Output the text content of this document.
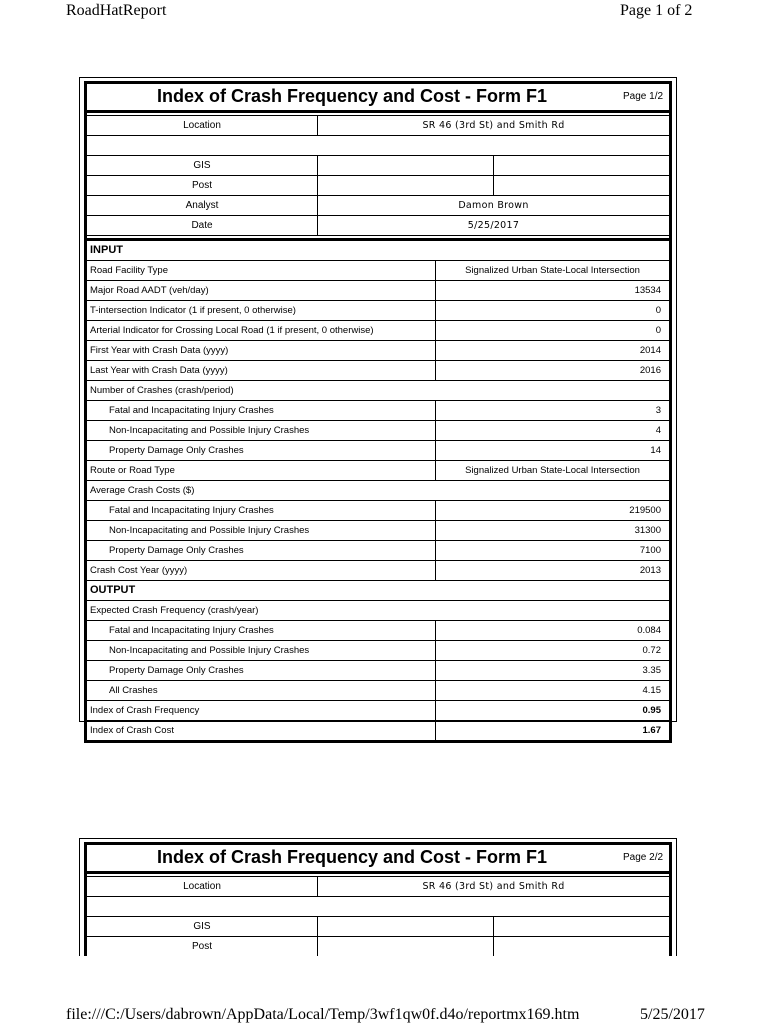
RoadHatReport	Page 1 of 2
Index of Crash Frequency and Cost - Form F1	Page 1/2
Location	SR 46 (3rd St) and Smith Rd
GIS
Post
Analyst	Damon Brown
Date	5/25/2017
INPUT
Road Facility Type	Signalized Urban State-Local Intersection
Major Road AADT (veh/day)	13534
T-intersection Indicator (1 if present, 0 otherwise)	0
Arterial Indicator for Crossing Local Road (1 if present, 0 otherwise)	0
First Year with Crash Data (yyyy)	2014
Last Year with Crash Data (yyyy)	2016
Number of Crashes (crash/period)
Fatal and Incapacitating Injury Crashes	3
Non-Incapacitating and Possible Injury Crashes	4
Property Damage Only Crashes	14
Route or Road Type	Signalized Urban State-Local Intersection
Average Crash Costs ($)
Fatal and Incapacitating Injury Crashes	219500
Non-Incapacitating and Possible Injury Crashes	31300
Property Damage Only Crashes	7100
Crash Cost Year (yyyy)	2013
OUTPUT
Expected Crash Frequency (crash/year)
Fatal and Incapacitating Injury Crashes	0.084
Non-Incapacitating and Possible Injury Crashes	0.72
Property Damage Only Crashes	3.35
All Crashes	4.15
Index of Crash Frequency	0.95
Index of Crash Cost	1.67
Index of Crash Frequency and Cost - Form F1	Page 2/2
Location	SR 46 (3rd St) and Smith Rd
GIS
Post
file:///C:/Users/dabrown/AppData/Local/Temp/3wf1qw0f.d4o/reportmx169.htm	5/25/2017
